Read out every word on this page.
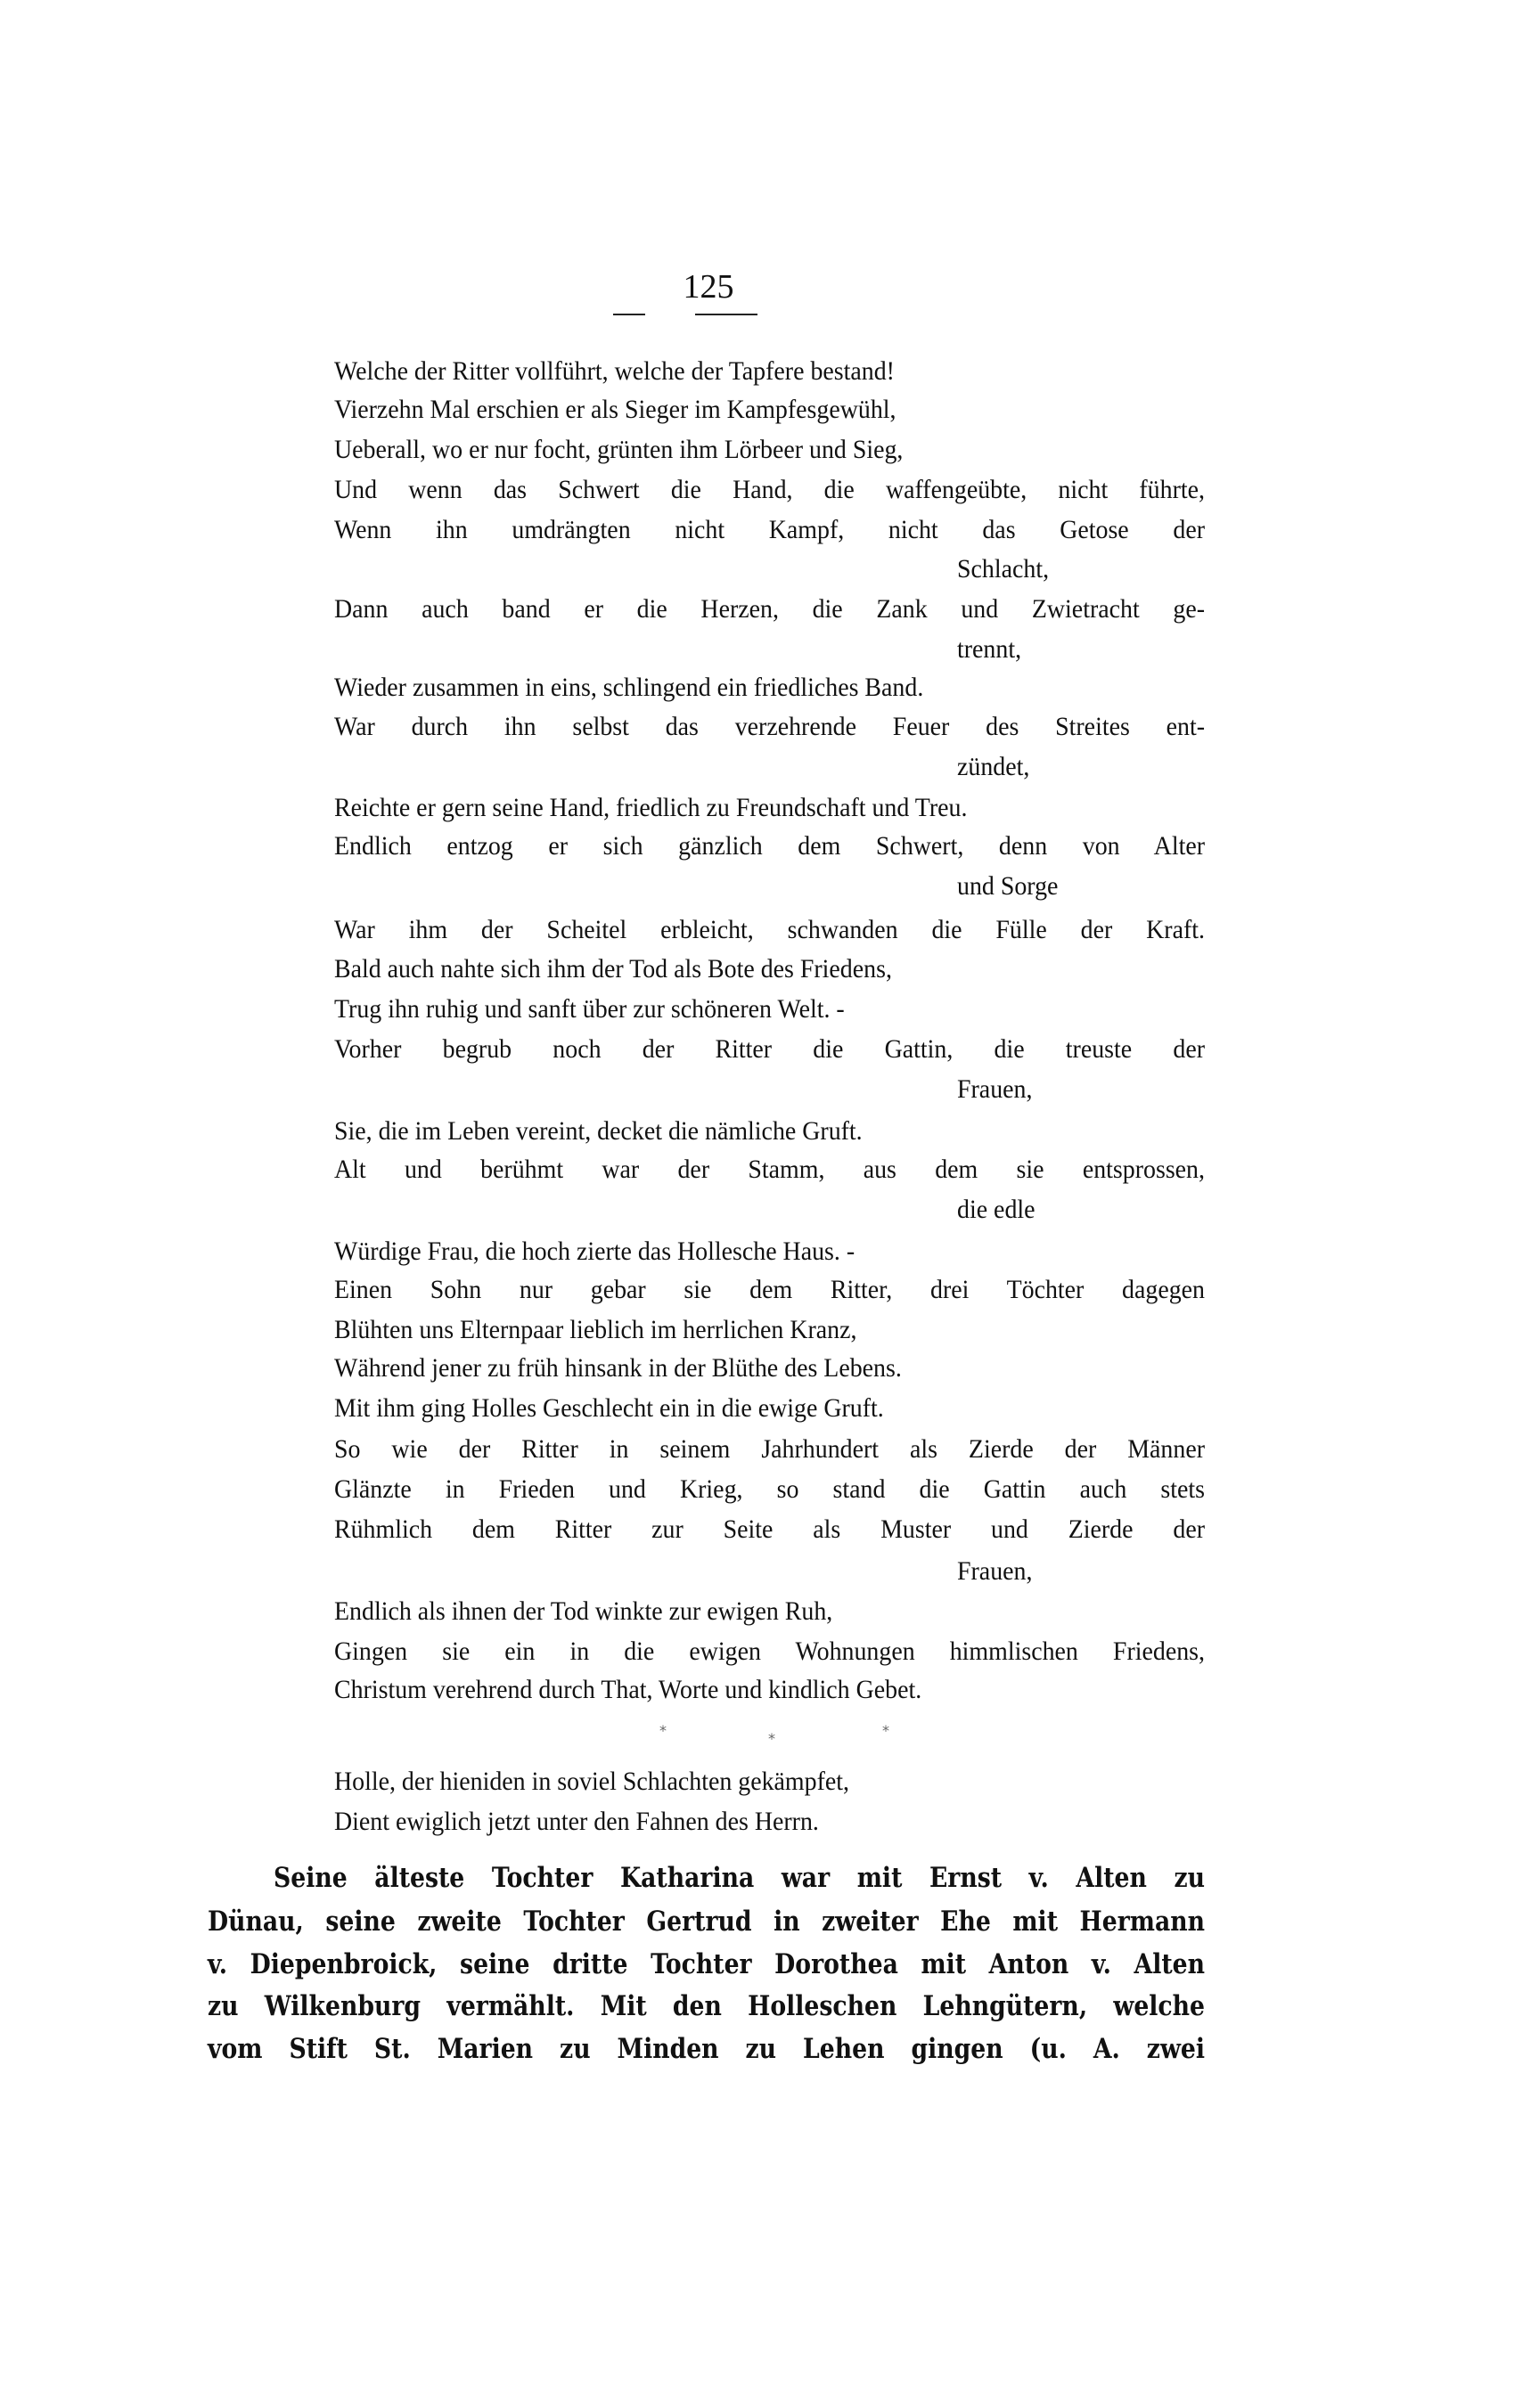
125
Welche der Ritter vollführt, welche der Tapfere bestand!
Vierzehn Mal erschien er als Sieger im Kampfesgewühl,
Ueberall, wo er nur focht, grünten ihm Lörbeer und Sieg,
Und wenn das Schwert die Hand, die waffengeübte, nicht führte,
Wenn ihn umdrängten nicht Kampf, nicht das Getose der
Schlacht,
Dann auch band er die Herzen, die Zank und Zwietracht ge-
trennt,
Wieder zusammen in eins, schlingend ein friedliches Band.
War durch ihn selbst das verzehrende Feuer des Streites ent-
zündet,
Reichte er gern seine Hand, friedlich zu Freundschaft und Treu.
Endlich entzog er sich gänzlich dem Schwert, denn von Alter
und Sorge
War ihm der Scheitel erbleicht, schwanden die Fülle der Kraft.
Bald auch nahte sich ihm der Tod als Bote des Friedens,
Trug ihn ruhig und sanft über zur schöneren Welt. -
Vorher begrub noch der Ritter die Gattin, die treuste der
Frauen,
Sie, die im Leben vereint, decket die nämliche Gruft.
Alt und berühmt war der Stamm, aus dem sie entsprossen,
die edle
Würdige Frau, die hoch zierte das Hollesche Haus. -
Einen Sohn nur gebar sie dem Ritter, drei Töchter dagegen
Blühten uns Elternpaar lieblich im herrlichen Kranz,
Während jener zu früh hinsank in der Blüthe des Lebens.
Mit ihm ging Holles Geschlecht ein in die ewige Gruft.
So wie der Ritter in seinem Jahrhundert als Zierde der Männer
Glänzte in Frieden und Krieg, so stand die Gattin auch stets
Rühmlich dem Ritter zur Seite als Muster und Zierde der
Frauen,
Endlich als ihnen der Tod winkte zur ewigen Ruh,
Gingen sie ein in die ewigen Wohnungen himmlischen Friedens,
Christum verehrend durch That, Worte und kindlich Gebet.
*	*	*
Holle, der hieniden in soviel Schlachten gekämpfet,
Dient ewiglich jetzt unter den Fahnen des Herrn.
Seine älteste Tochter Katharina war mit Ernst v. Alten zu
Dünau, seine zweite Tochter Gertrud in zweiter Ehe mit Hermann
v. Diepenbroick, seine dritte Tochter Dorothea mit Anton v. Alten
zu Wilkenburg vermählt. Mit den Holleschen Lehngütern, welche
vom Stift St. Marien zu Minden zu Lehen gingen (u. A. zwei
